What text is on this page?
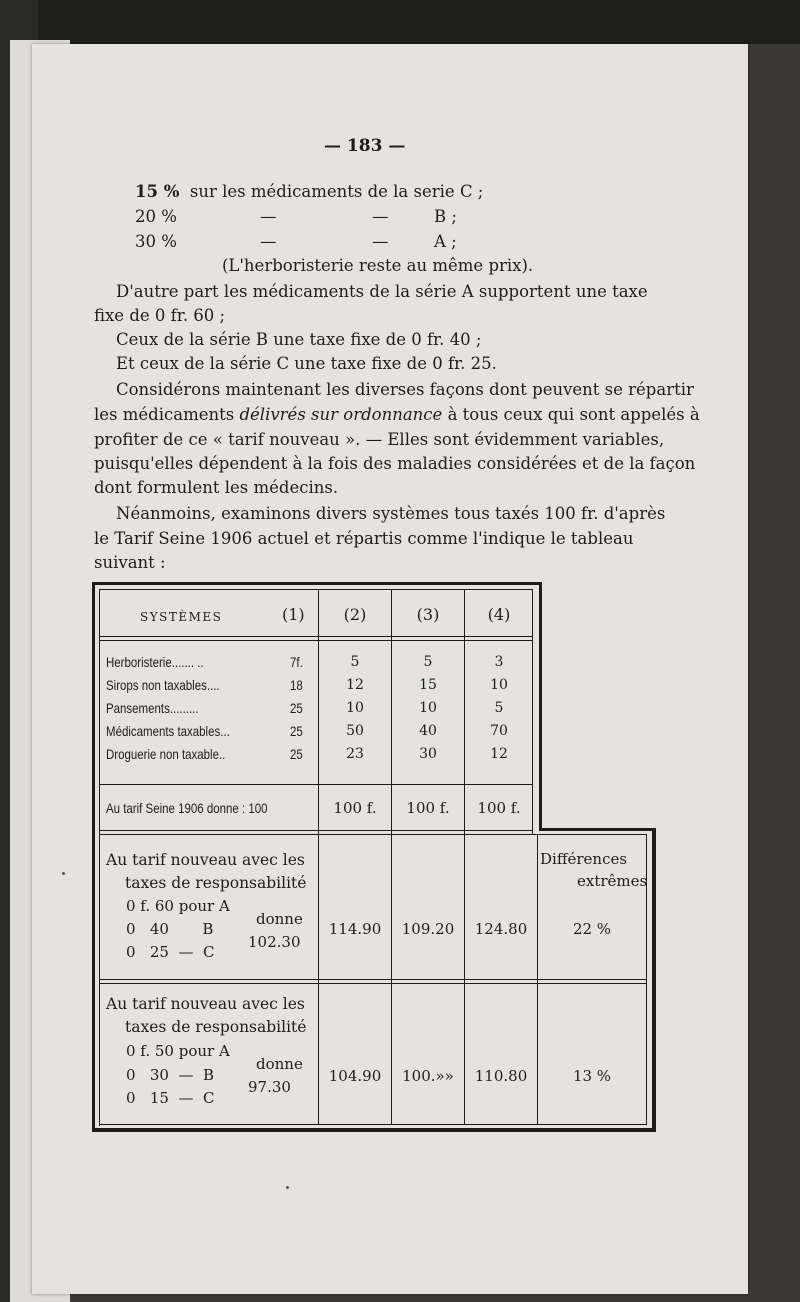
— 183 —
15 % sur les médicaments de la serie C ;
20 %	—	—	B ;
30 %	—	—	A ;
(L'herboristerie reste au même prix).
D'autre part les médicaments de la série A supportent une taxe
fixe de 0 fr. 60 ;
Ceux de la série B une taxe fixe de 0 fr. 40 ;
Et ceux de la série C une taxe fixe de 0 fr. 25.
Considérons maintenant les diverses façons dont peuvent se répartir
les médicaments délivrés sur ordonnance à tous ceux qui sont appelés à
profiter de ce « tarif nouveau ». — Elles sont évidemment variables,
puisqu'elles dépendent à la fois des maladies considérées et de la façon
dont formulent les médecins.
Néanmoins, examinons divers systèmes tous taxés 100 fr. d'après
le Tarif Seine 1906 actuel et répartis comme l'indique le tableau
suivant :
SYSTÈMES	(1)	(2)	(3)	(4)
Herboristerie....... ..	7f.	5	5	3
Sirops non taxables....	18	12	15	10
Pansements.........	25	10	10	5
Médicaments taxables...	25	50	40	70
Droguerie non taxable..	25	23	30	12
Au tarif Seine 1906 donne : 100	100 f.	100 f.	100 f.
Différences
extrêmes
Au tarif nouveau avec les
taxes de responsabilité
0 f. 60 pour A
0 40 B
0 25 — C
donne
102.30
114.90	109.20	124.80	22 %
Au tarif nouveau avec les
taxes de responsabilité
0 f. 50 pour A
0 30 — B
0 15 — C
donne
97.30
104.90	100.»»	110.80	13 %
